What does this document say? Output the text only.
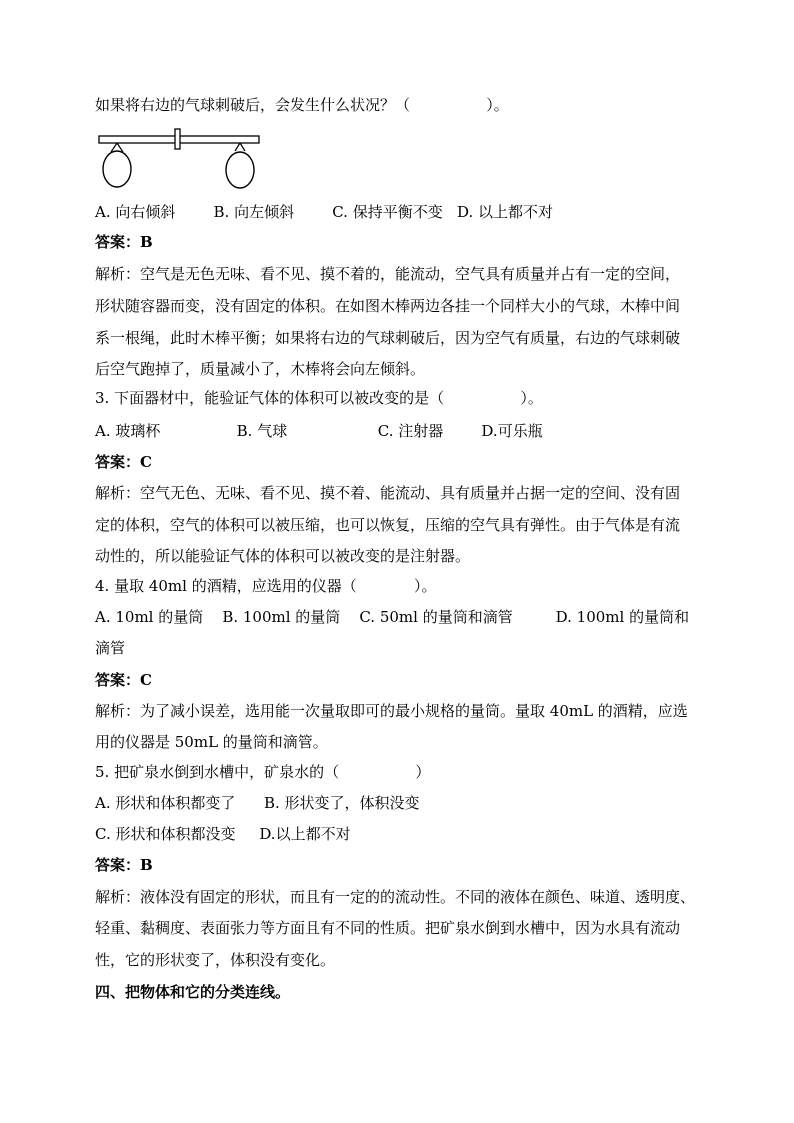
如果将右边的气球刺破后，会发生什么状况？（                ）。
A. 向右倾斜        B. 向左倾斜        C. 保持平衡不变   D. 以上都不对
答案：B
解析：空气是无色无味、看不见、摸不着的，能流动，空气具有质量并占有一定的空间，
形状随容器而变，没有固定的体积。在如图木棒两边各挂一个同样大小的气球，木棒中间
系一根绳，此时木棒平衡；如果将右边的气球刺破后，因为空气有质量，右边的气球刺破
后空气跑掉了，质量减小了，木棒将会向左倾斜。
3. 下面器材中，能验证气体的体积可以被改变的是（                ）。
A. 玻璃杯                B. 气球                   C. 注射器        D.可乐瓶
答案：C
解析：空气无色、无味、看不见、摸不着、能流动、具有质量并占据一定的空间、没有固
定的体积，空气的体积可以被压缩，也可以恢复，压缩的空气具有弹性。由于气体是有流
动性的，所以能验证气体的体积可以被改变的是注射器。
4. 量取 40ml 的酒精，应选用的仪器（            ）。
A. 10ml 的量筒    B. 100ml 的量筒    C. 50ml 的量筒和滴管         D. 100ml 的量筒和
滴管
答案：C
解析：为了减小误差，选用能一次量取即可的最小规格的量筒。量取 40mL 的酒精，应选
用的仪器是 50mL 的量筒和滴管。
5. 把矿泉水倒到水槽中，矿泉水的（                ）
A. 形状和体积都变了      B. 形状变了，体积没变
C. 形状和体积都没变     D.以上都不对
答案：B
解析：液体没有固定的形状，而且有一定的的流动性。不同的液体在颜色、味道、透明度、
轻重、黏稠度、表面张力等方面且有不同的性质。把矿泉水倒到水槽中，因为水具有流动
性，它的形状变了，体积没有变化。
四、把物体和它的分类连线。
